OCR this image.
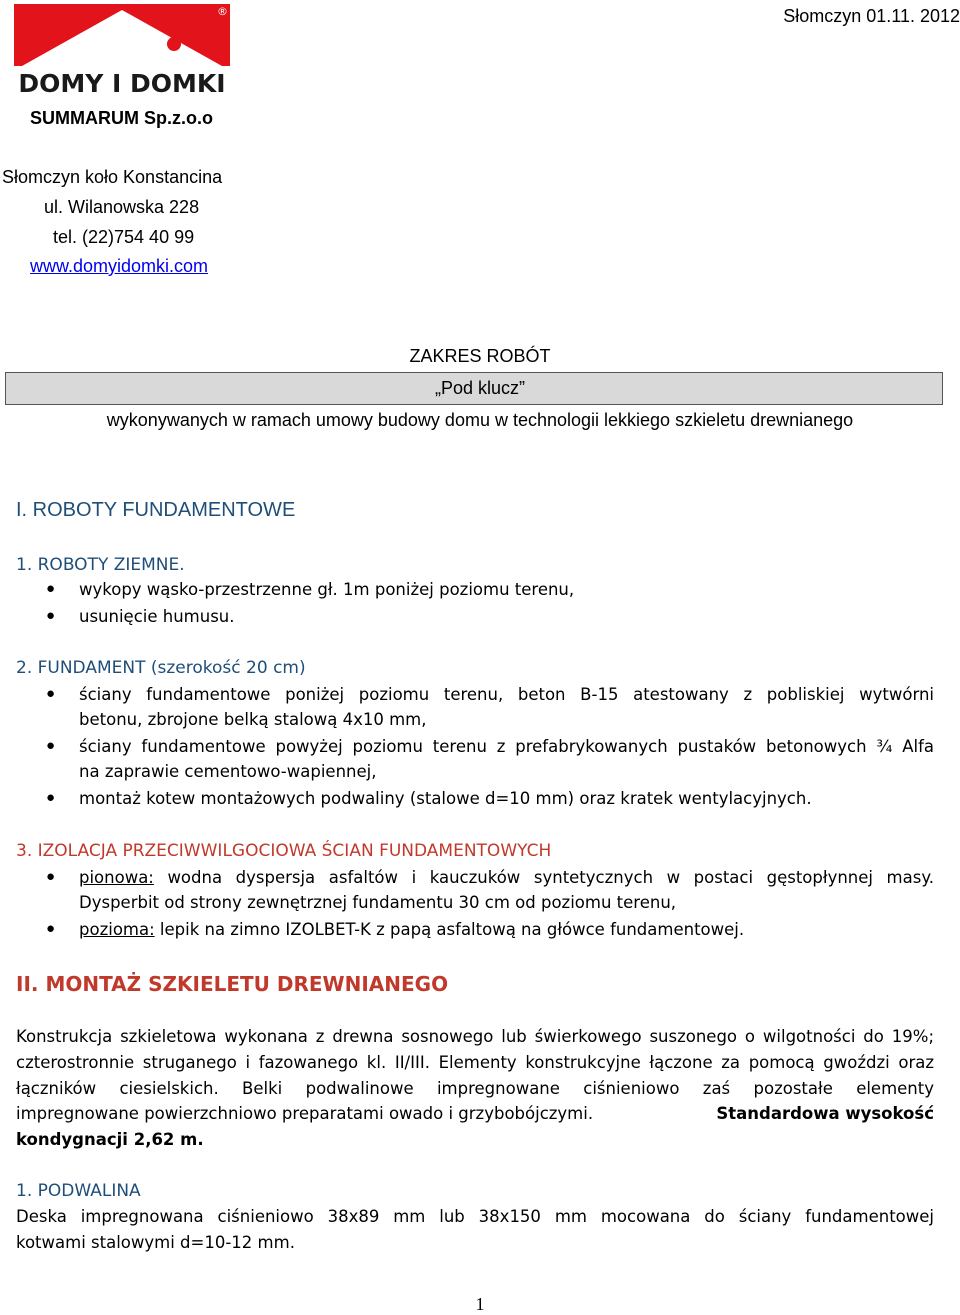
®
DOMY I DOMKI
Słomczyn 01.11. 2012
SUMMARUM Sp.z.o.o
Słomczyn koło Konstancina
ul. Wilanowska 228
tel. (22)754 40 99
www.domyidomki.com
ZAKRES ROBÓT
„Pod klucz”
wykonywanych w ramach umowy budowy domu w technologii lekkiego szkieletu drewnianego
I. ROBOTY FUNDAMENTOWE
1. ROBOTY ZIEMNE.
● wykopy wąsko-przestrzenne gł. 1m poniżej poziomu terenu,
● usunięcie humusu.
2. FUNDAMENT (szerokość 20 cm)
● ściany fundamentowe poniżej poziomu terenu, beton B-15 atestowany z pobliskiej wytwórni
betonu, zbrojone belką stalową 4x10 mm,
● ściany fundamentowe powyżej poziomu terenu z prefabrykowanych pustaków betonowych ¾ Alfa
na zaprawie cementowo-wapiennej,
● montaż kotew montażowych podwaliny (stalowe d=10 mm) oraz kratek wentylacyjnych.
3. IZOLACJA PRZECIWWILGOCIOWA ŚCIAN FUNDAMENTOWYCH
● pionowa: wodna dyspersja asfaltów i kauczuków syntetycznych w postaci gęstopłynnej masy.
Dysperbit od strony zewnętrznej fundamentu 30 cm od poziomu terenu,
● pozioma: lepik na zimno IZOLBET-K z papą asfaltową na główce fundamentowej.
II. MONTAŻ SZKIELETU DREWNIANEGO
Konstrukcja szkieletowa wykonana z drewna sosnowego lub świerkowego suszonego o wilgotności do 19%;
czterostronnie struganego i fazowanego kl. II/III. Elementy konstrukcyjne łączone za pomocą gwoździ oraz
łączników ciesielskich. Belki podwalinowe impregnowane ciśnieniowo zaś pozostałe elementy
impregnowane powierzchniowo preparatami owado i grzybobójczymi.	Standardowa wysokość
kondygnacji 2,62 m.
1. PODWALINA
Deska impregnowana ciśnieniowo 38x89 mm lub 38x150 mm mocowana do ściany fundamentowej
kotwami stalowymi d=10-12 mm.
1
